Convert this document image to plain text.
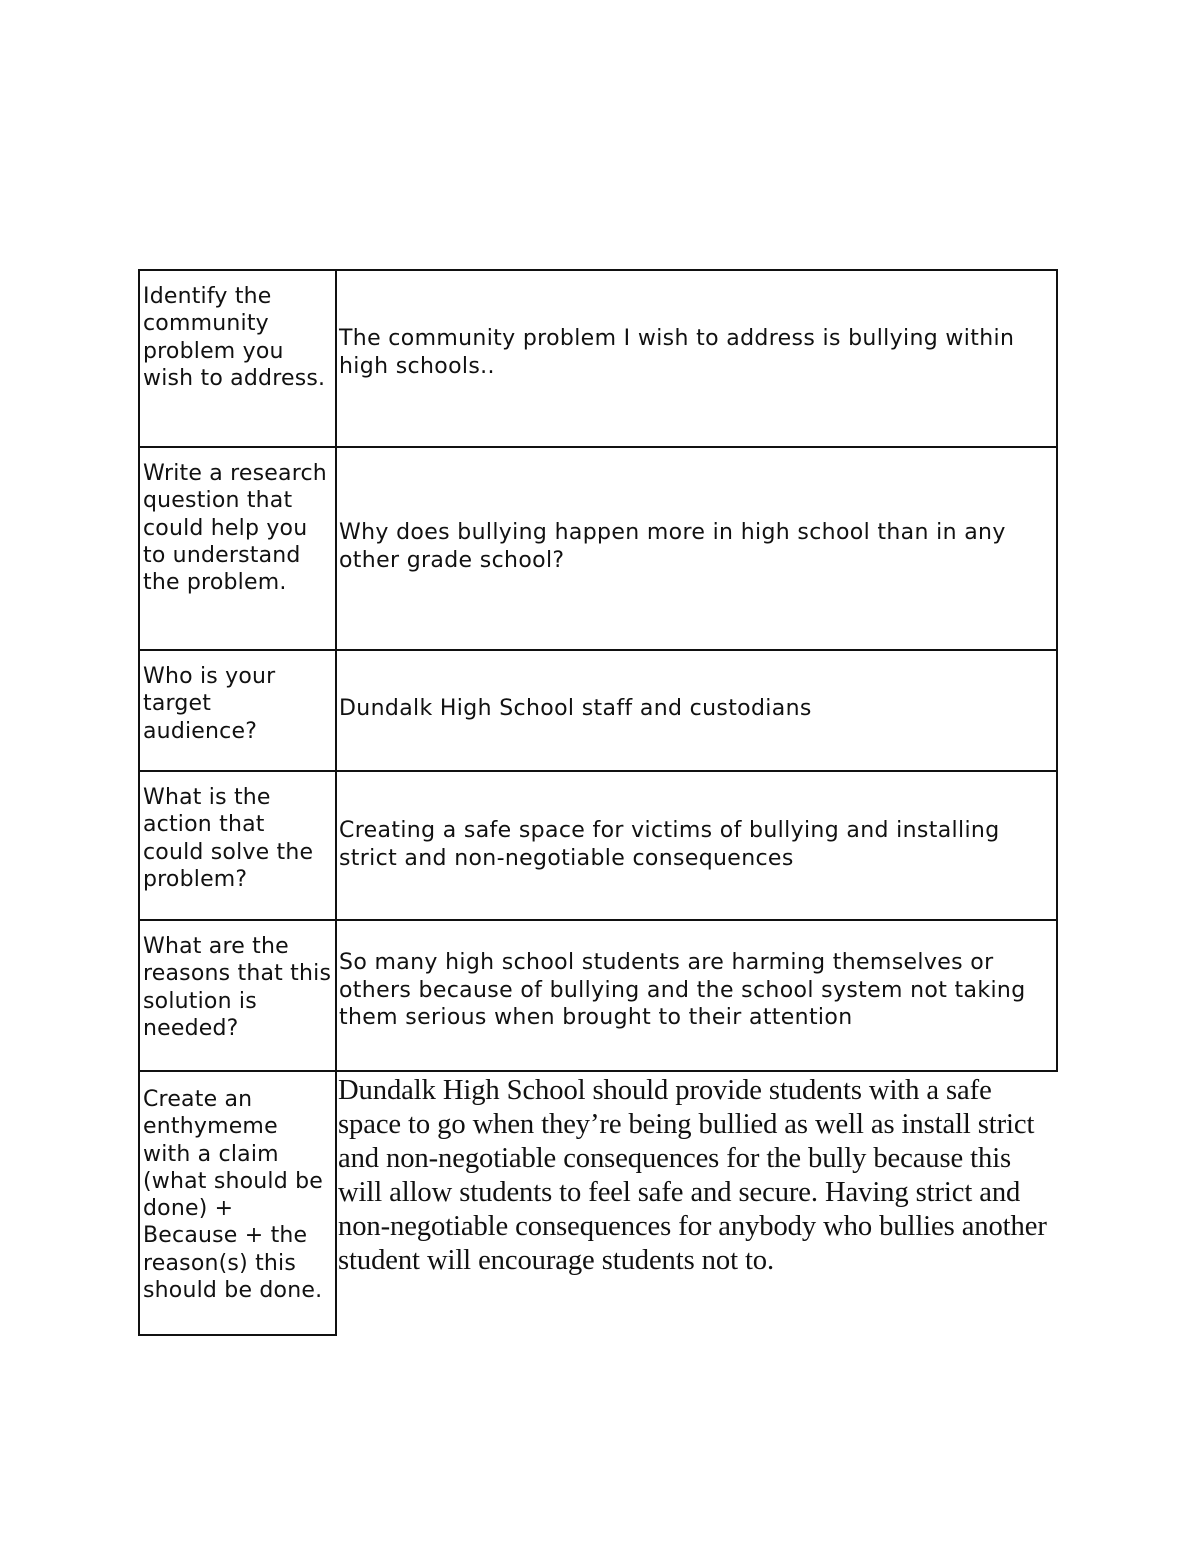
Identify the community problem you wish to address.
The community problem I wish to address is bullying within high schools..
Write a research question that could help you to understand the problem.
Why does bullying happen more in high school than in any other grade school?
Who is your target audience?
Dundalk High School staff and custodians
What is the action that could solve the problem?
Creating a safe space for victims of bullying and installing strict and non-negotiable consequences
What are the reasons that this solution is needed?
So many high school students are harming themselves or others because of bullying and the school system not taking them serious when brought to their attention
Create an enthymeme with a claim (what should be done) + Because + the reason(s) this should be done.
Dundalk High School should provide students with a safe space to go when they’re being bullied as well as install strict and non-negotiable consequences for the bully because this will allow students to feel safe and secure. Having strict and non-negotiable consequences for anybody who bullies another student will encourage students not to.
